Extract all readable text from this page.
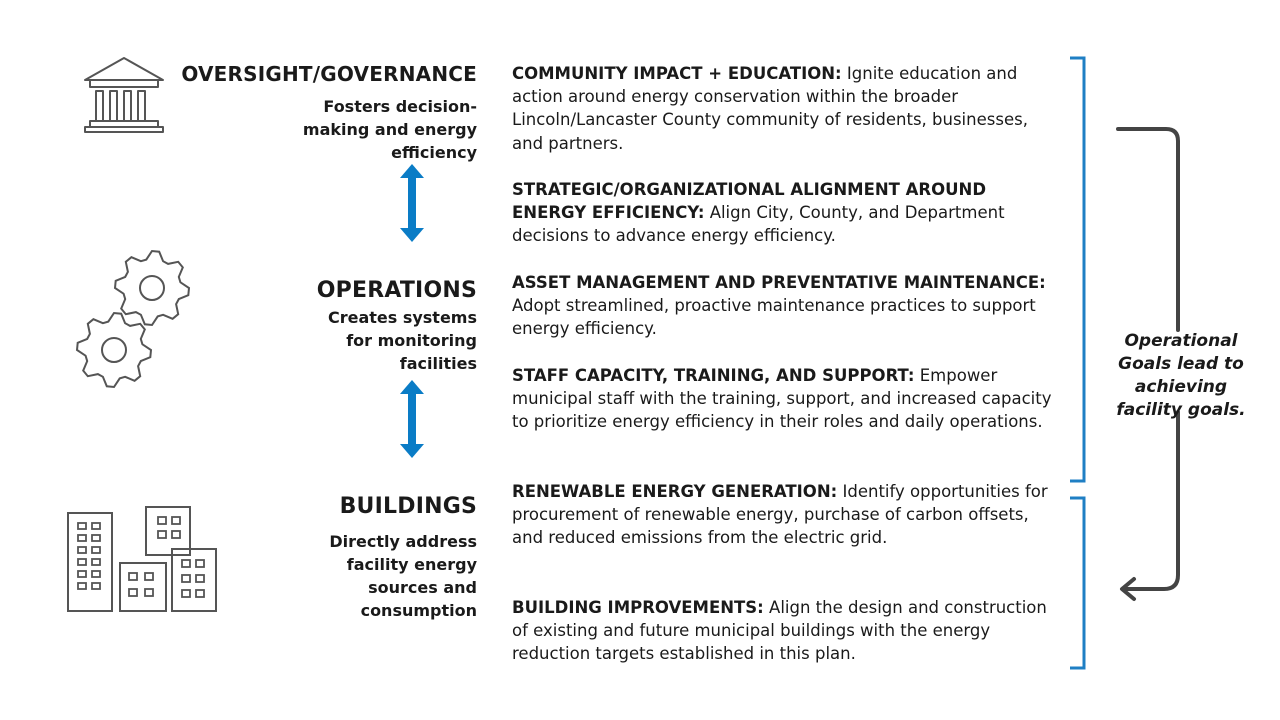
OVERSIGHT/GOVERNANCE
Fosters decision-making and energy efficiency
OPERATIONS
Creates systems for monitoring facilities
BUILDINGS
Directly address facility energy sources and consumption
COMMUNITY IMPACT + EDUCATION: Ignite education and action around energy conservation within the broader Lincoln/Lancaster County community of residents, businesses, and partners.
STRATEGIC/ORGANIZATIONAL ALIGNMENT AROUND ENERGY EFFICIENCY: Align City, County, and Department decisions to advance energy efficiency.
ASSET MANAGEMENT AND PREVENTATIVE MAINTENANCE: Adopt streamlined, proactive maintenance practices to support energy efficiency.
STAFF CAPACITY, TRAINING, AND SUPPORT: Empower municipal staff with the training, support, and increased capacity to prioritize energy efficiency in their roles and daily operations.
RENEWABLE ENERGY GENERATION: Identify opportunities for procurement of renewable energy, purchase of carbon offsets, and reduced emissions from the electric grid.
BUILDING IMPROVEMENTS: Align the design and construction of existing and future municipal buildings with the energy reduction targets established in this plan.
Operational Goals lead to achieving facility goals.
